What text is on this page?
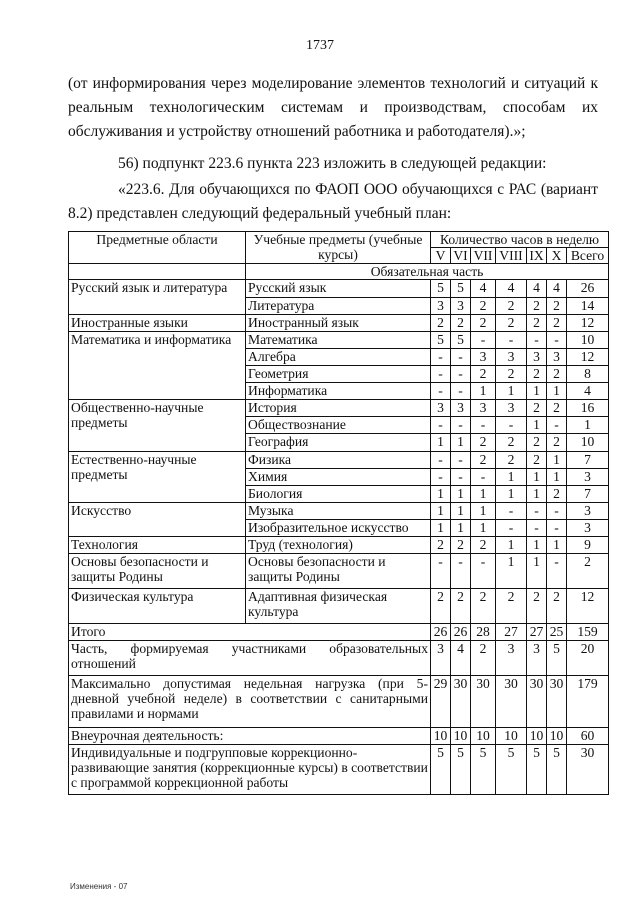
1737

(от информирования через моделирование элементов технологий и ситуаций к реальным технологическим системам и производствам, способам их обслуживания и устройству отношений работника и работодателя).»;

56) подпункт 223.6 пункта 223 изложить в следующей редакции:

«223.6. Для обучающихся по ФАОП ООО обучающихся с РАС (вариант 8.2) представлен следующий федеральный учебный план:

Предметные области	Учебные предметы (учебные курсы)	Количество часов в неделю						
		V	VI	VII	VIII	IX	X	Всего
	Обязательная часть							
Русский язык и литература	Русский язык	5	5	4	4	4	4	26
	Литература	3	3	2	2	2	2	14
Иностранные языки	Иностранный язык	2	2	2	2	2	2	12
Математика и информатика	Математика	5	5	-	-	-	-	10
	Алгебра	-	-	3	3	3	3	12
	Геометрия	-	-	2	2	2	2	8
	Информатика	-	-	1	1	1	1	4
Общественно-научные предметы	История	3	3	3	3	2	2	16
	Обществознание	-	-	-	-	1	-	1
	География	1	1	2	2	2	2	10
Естественно-научные предметы	Физика	-	-	2	2	2	1	7
	Химия	-	-	-	1	1	1	3
	Биология	1	1	1	1	1	2	7
Искусство	Музыка	1	1	1	-	-	-	3
	Изобразительное искусство	1	1	1	-	-	-	3
Технология	Труд (технология)	2	2	2	1	1	1	9
Основы безопасности и защиты Родины	Основы безопасности и защиты Родины	-	-	-	1	1	-	2
Физическая культура	Адаптивная физическая культура	2	2	2	2	2	2	12
Итого		26	26	28	27	27	25	159
Часть, формируемая участниками образовательных отношений		3	4	2	3	3	5	20
Максимально допустимая недельная нагрузка (при 5-дневной учебной неделе) в соответствии с санитарными правилами и нормами		29	30	30	30	30	30	179
Внеурочная деятельность:		10	10	10	10	10	10	60
Индивидуальные и подгрупповые коррекционно-развивающие занятия (коррекционные курсы) в соответствии с программой коррекционной работы		5	5	5	5	5	5	30
Изменения - 07
